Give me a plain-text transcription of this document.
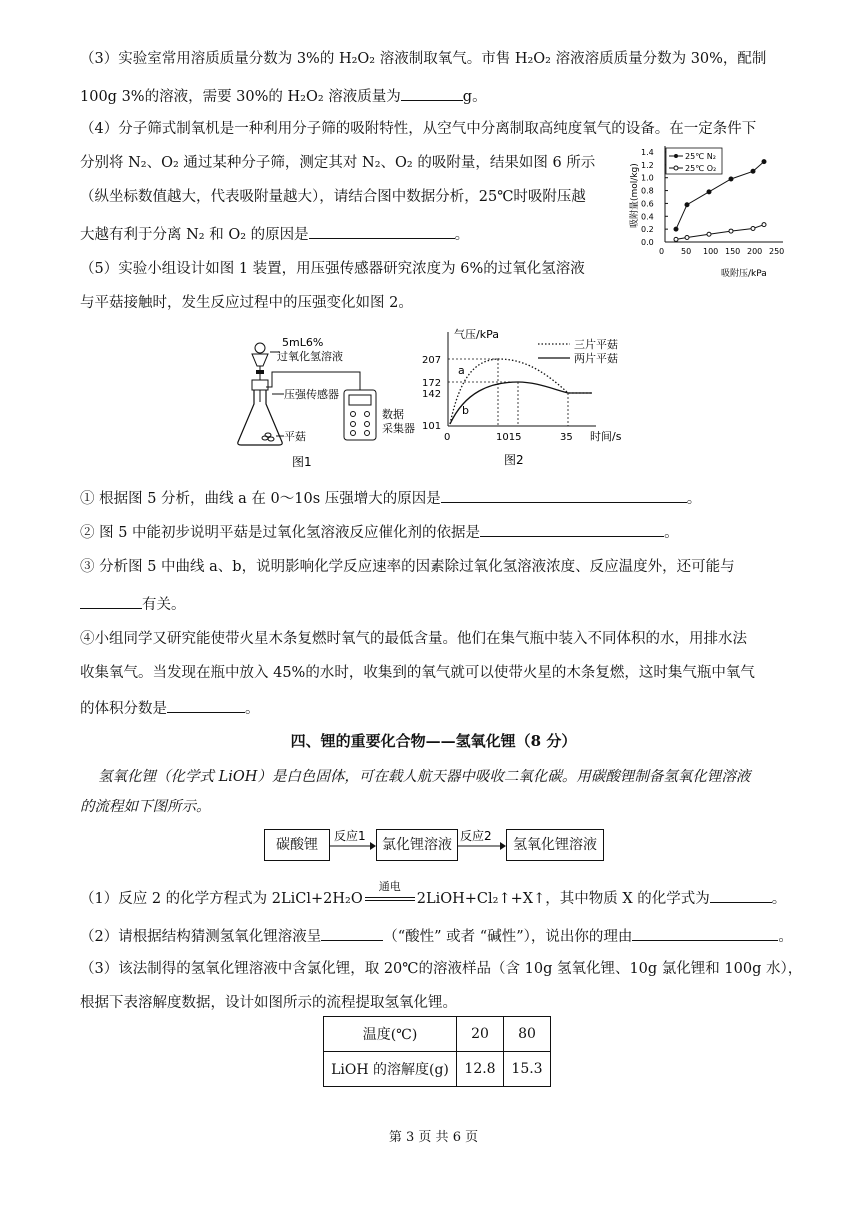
（3）实验室常用溶质质量分数为 3%的 H₂O₂ 溶液制取氧气。市售 H₂O₂ 溶液溶质质量分数为 30%，配制
100g 3%的溶液，需要 30%的 H₂O₂ 溶液质量为	g。
（4）分子筛式制氧机是一种利用分子筛的吸附特性，从空气中分离制取高纯度氧气的设备。在一定条件下
分别将 N₂、O₂ 通过某种分子筛，测定其对 N₂、O₂ 的吸附量，结果如图 6 所示
（纵坐标数值越大，代表吸附量越大），请结合图中数据分析，25℃时吸附压越
大越有利于分离 N₂ 和 O₂ 的原因是	。
吸附量(mol/kg)
1.4
1.2
1.0
0.8
0.6
0.4
0.2
0.0
0 50 100 150 200 250
25℃ N₂
25℃ O₂
吸附压/kPa
（5）实验小组设计如图 1 装置，用压强传感器研究浓度为 6%的过氧化氢溶液
与平菇接触时，发生反应过程中的压强变化如图 2。
5mL6%
过氧化氢溶液
压强传感器
平菇
数据
采集器
图1
气压/kPa
207
172
142
101
0	1015	35 时间/s
a
b
三片平菇
两片平菇
图2
① 根据图 5 分析，曲线 a 在 0～10s 压强增大的原因是	。
② 图 5 中能初步说明平菇是过氧化氢溶液反应催化剂的依据是	。
③ 分析图 5 中曲线 a、b，说明影响化学反应速率的因素除过氧化氢溶液浓度、反应温度外，还可能与
有关。
④小组同学又研究能使带火星木条复燃时氧气的最低含量。他们在集气瓶中装入不同体积的水，用排水法
收集氧气。当发现在瓶中放入 45%的水时，收集到的氧气就可以使带火星的木条复燃，这时集气瓶中氧气
的体积分数是	。
四、锂的重要化合物——氢氧化锂（8 分）
氢氧化锂（化学式 LiOH）是白色固体，可在载人航天器中吸收二氧化碳。用碳酸锂制备氢氧化锂溶液
的流程如下图所示。
碳酸锂	氯化锂溶液	氢氧化锂溶液
反应1	反应2
（1）反应 2 的化学方程式为 2LiCl+2H₂O
通电
2LiOH+Cl₂↑+X↑，其中物质 X 的化学式为	。
（2）请根据结构猜测氢氧化锂溶液呈	（“酸性” 或者 “碱性”），说出你的理由	。
（3）该法制得的氢氧化锂溶液中含氯化锂，取 20℃的溶液样品（含 10g 氢氧化锂、10g 氯化锂和 100g 水），
根据下表溶解度数据，设计如图所示的流程提取氢氧化锂。
温度(℃)	20	80
LiOH 的溶解度(g)	12.8	15.3
第 3 页 共 6 页
